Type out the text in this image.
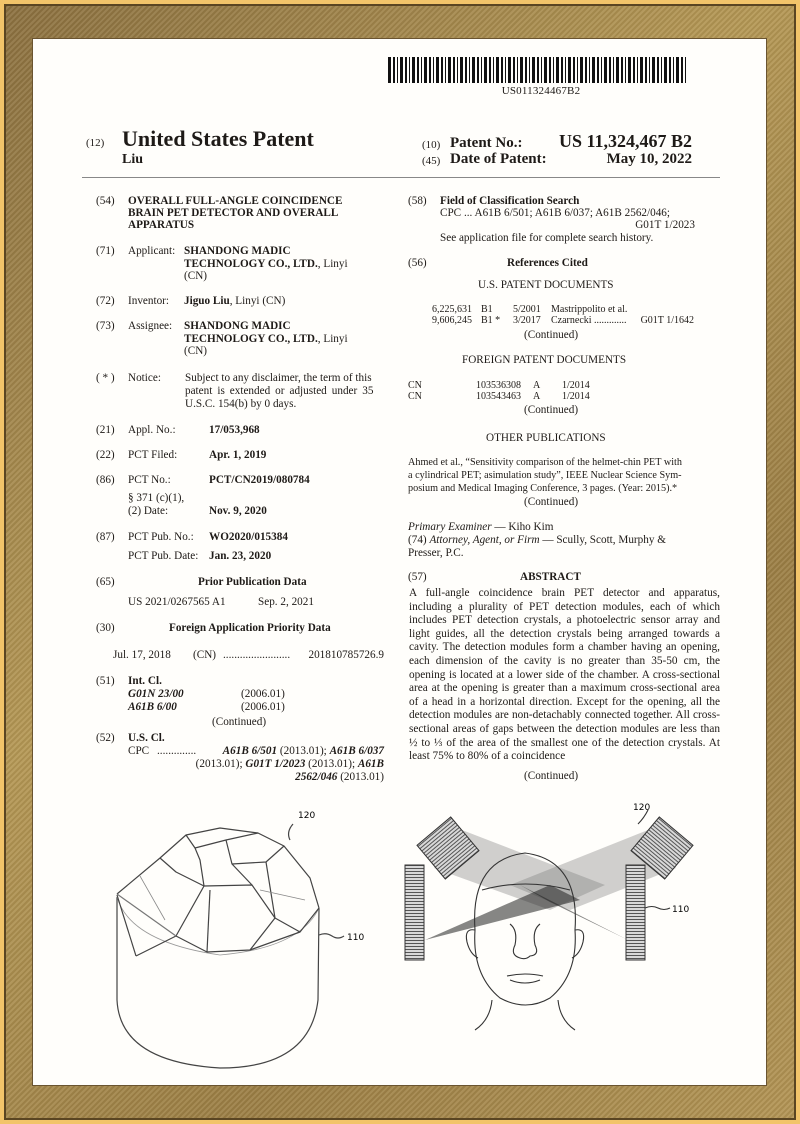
US011324467B2
(12) United States Patent
Liu
(10) Patent No.: US 11,324,467 B2
(45) Date of Patent:	May 10, 2022
(54) OVERALL FULL-ANGLE COINCIDENCE
BRAIN PET DETECTOR AND OVERALL
APPARATUS
(71) Applicant: SHANDONG MADIC
TECHNOLOGY CO., LTD., Linyi
(CN)
(72) Inventor: Jiguo Liu, Linyi (CN)
(73) Assignee: SHANDONG MADIC
TECHNOLOGY CO., LTD., Linyi
(CN)
( * ) Notice: Subject to any disclaimer, the term of this
patent is extended or adjusted under 35
U.S.C. 154(b) by 0 days.
(21) Appl. No.:	17/053,968
(22) PCT Filed:	Apr. 1, 2019
(86) PCT No.:	PCT/CN2019/080784
§ 371 (c)(1),
(2) Date:	Nov. 9, 2020
(87) PCT Pub. No.: WO2020/015384
PCT Pub. Date: Jan. 23, 2020
(65)	Prior Publication Data
US 2021/0267565 A1	Sep. 2, 2021
(30)	Foreign Application Priority Data
Jul. 17, 2018 (CN) ........................ 201810785726.9
(51) Int. Cl.
G01N 23/00	(2006.01)
A61B 6/00	(2006.01)
(Continued)
(52) U.S. Cl.
CPC .............. A61B 6/501 (2013.01); A61B 6/037
(2013.01); G01T 1/2023 (2013.01); A61B
2562/046 (2013.01)
(58) Field of Classification Search
CPC ... A61B 6/501; A61B 6/037; A61B 2562/046;
G01T 1/2023
See application file for complete search history.
(56)	References Cited
U.S. PATENT DOCUMENTS
6,225,631 B1 5/2001 Mastrippolito et al.
9,606,245 B1 * 3/2017 Czarnecki ............. G01T 1/1642
(Continued)
FOREIGN PATENT DOCUMENTS
CN	103536308 A 1/2014
CN	103543463 A 1/2014
(Continued)
OTHER PUBLICATIONS
Ahmed et al., “Sensitivity comparison of the helmet-chin PET with
a cylindrical PET; asimulation study”, IEEE Nuclear Science Sym-
posium and Medical Imaging Conference, 3 pages. (Year: 2015).*
(Continued)
Primary Examiner — Kiho Kim
(74) Attorney, Agent, or Firm — Scully, Scott, Murphy &
Presser, P.C.
(57)	ABSTRACT
A full-angle coincidence brain PET detector and apparatus, including a plurality of PET detection modules, each of which includes PET detection crystals, a photoelectric sensor array and light guides, all the detection crystals being arranged towards a cavity. The detection modules form a chamber having an opening, each dimension of the cavity is no greater than 35-50 cm, the opening is located at a lower side of the chamber. A cross-sectional area at the opening is greater than a maximum cross-sectional area of a head in a horizontal direction. Except for the opening, all the detection modules are non-detachably connected together. All cross-sectional areas of gaps between the detection modules are less than ½ to ⅓ of the area of the smallest one of the detection crystals. At least 75% to 80% of a coincidence
(Continued)
120
110
120
110
